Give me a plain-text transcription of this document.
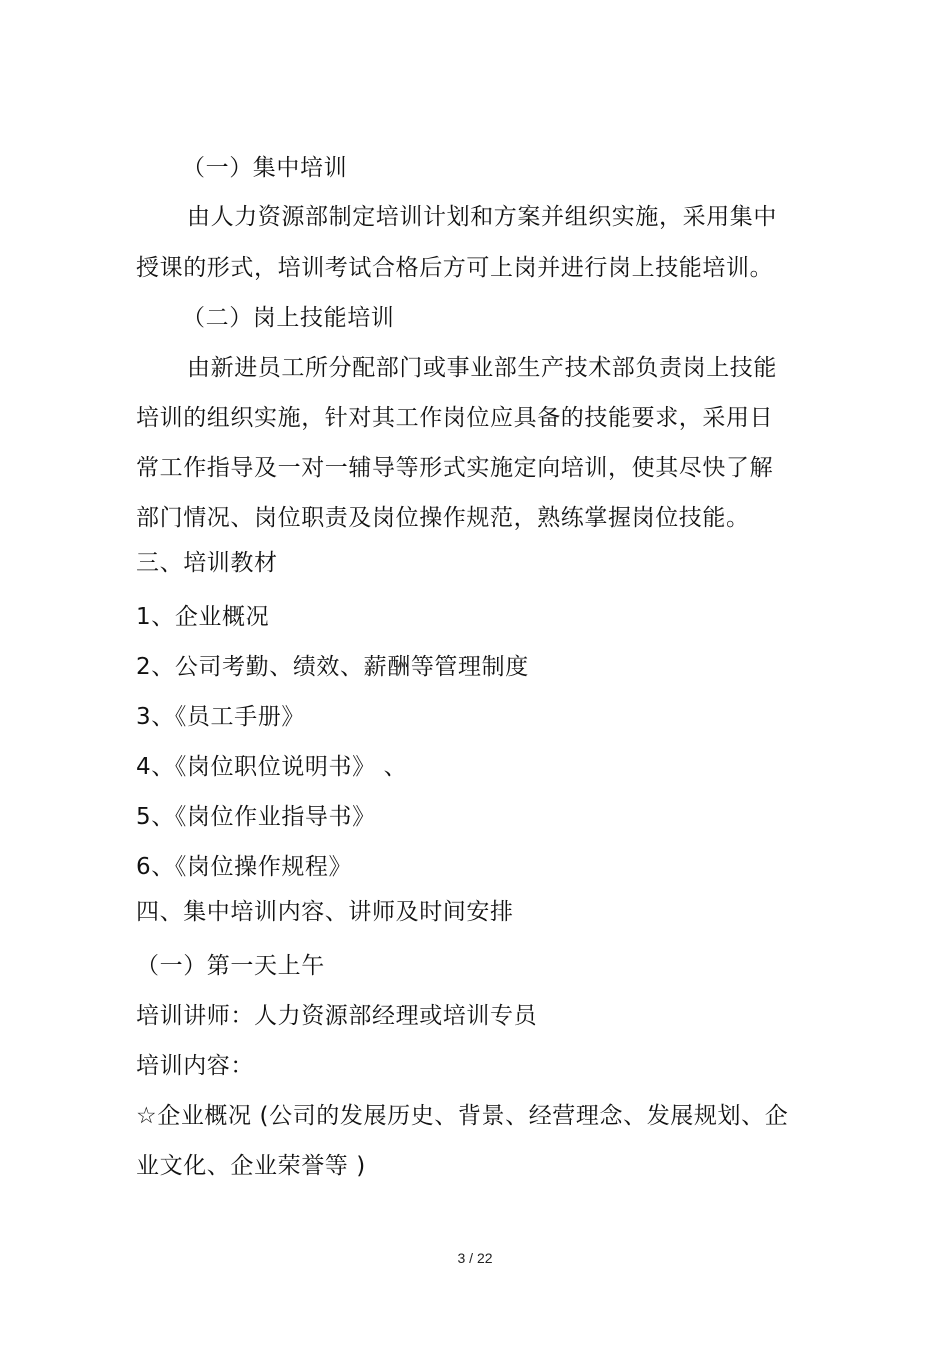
（一）集中培训

由人力资源部制定培训计划和方案并组织实施，采用集中

授课的形式，培训考试合格后方可上岗并进行岗上技能培训。

（二）岗上技能培训

由新进员工所分配部门或事业部生产技术部负责岗上技能

培训的组织实施，针对其工作岗位应具备的技能要求，采用日

常工作指导及一对一辅导等形式实施定向培训，使其尽快了解

部门情况、岗位职责及岗位操作规范，熟练掌握岗位技能。

三、培训教材

1、企业概况

2、公司考勤、绩效、薪酬等管理制度

3、《员工手册》

4、《岗位职位说明书》 、

5、《岗位作业指导书》

6、《岗位操作规程》

四、集中培训内容、讲师及时间安排

（一）第一天上午

培训讲师：人力资源部经理或培训专员

培训内容：

☆企业概况 (公司的发展历史、背景、经营理念、发展规划、企

业文化、企业荣誉等 )

3 / 22
